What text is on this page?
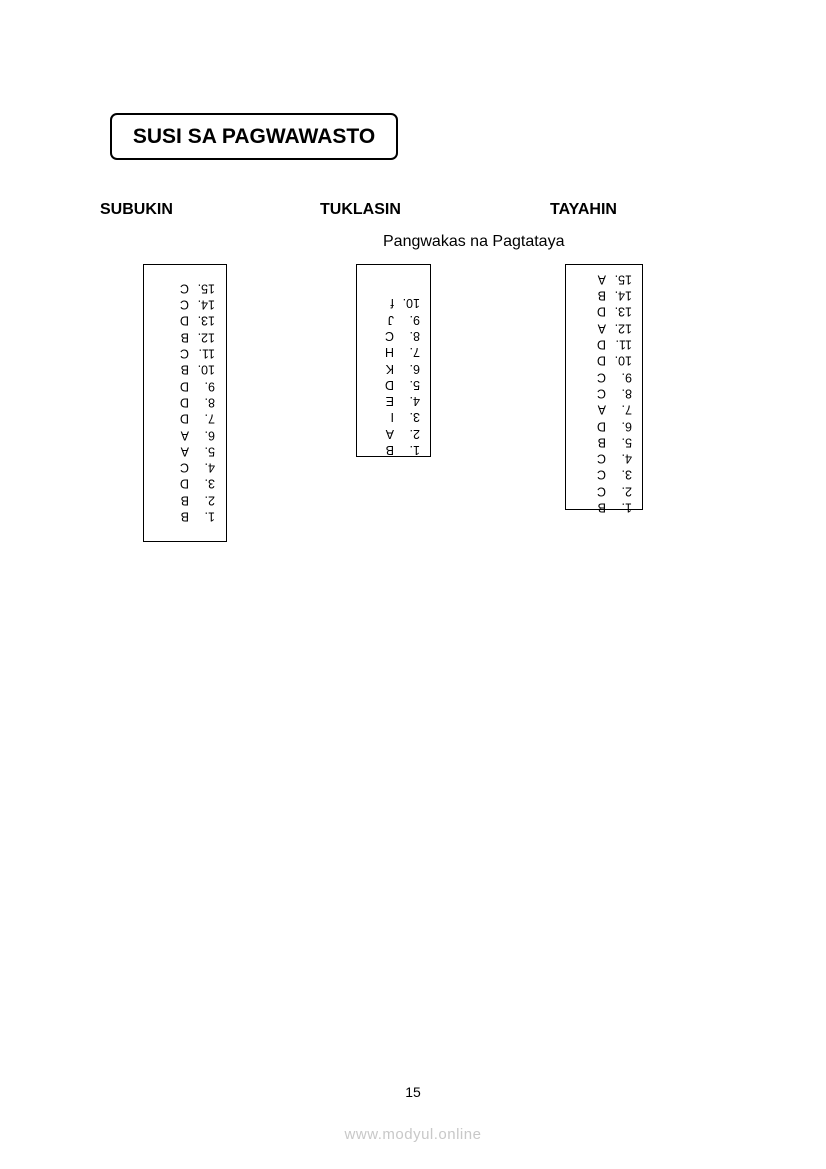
SUSI SA PAGWAWASTO
SUBUKIN	TUKLASIN	TAYAHIN
Pangwakas na Pagtataya
1.B
2.B
3.D
4.C
5.A
6.A
7.D
8.D
9.D
10.B
11.C
12.B
13.D
14.C
15.C
1.B
2.A
3.I
4.E
5.D
6.K
7.H
8.C
9.J
10.f
1.B
2.C
3.C
4.C
5.B
6.D
7.A
8.C
9.C
10.D
11.D
12.A
13.D
14.B
15.A
15
www.modyul.online
